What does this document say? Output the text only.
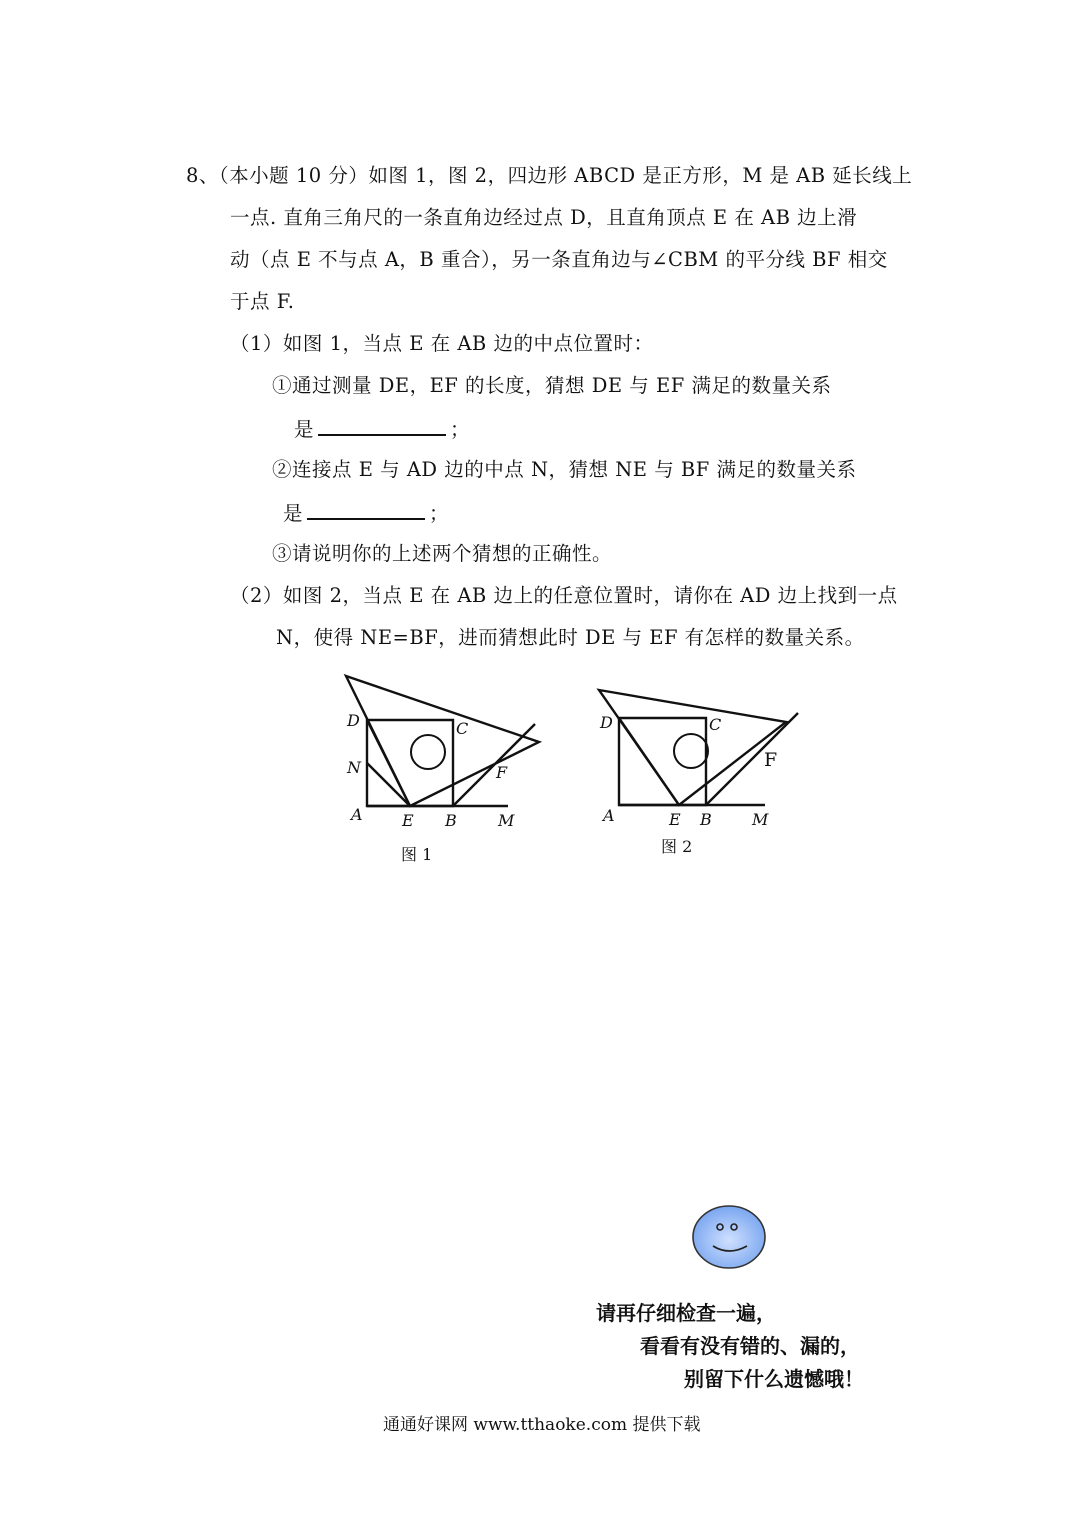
8、（本小题 10 分）如图 1，图 2，四边形 ABCD 是正方形，M 是 AB 延长线上
一点. 直角三角尺的一条直角边经过点 D，且直角顶点 E 在 AB 边上滑
动（点 E 不与点 A，B 重合），另一条直角边与∠CBM 的平分线 BF 相交
于点 F.
（1）如图 1，当点 E 在 AB 边的中点位置时：
①通过测量 DE，EF 的长度，猜想 DE 与 EF 满足的数量关系
是	；
②连接点 E 与 AD 边的中点 N，猜想 NE 与 BF 满足的数量关系
是	；
③请说明你的上述两个猜想的正确性。
（2）如图 2，当点 E 在 AB 边上的任意位置时，请你在 AD 边上找到一点
N，使得 NE=BF，进而猜想此时 DE 与 EF 有怎样的数量关系。
D	C
N	F
A E B	M
图 1
D	C
F
A	E B	M
图 2
请再仔细检查一遍，
看看有没有错的、漏的，
别留下什么遗憾哦！
通通好课网 www.tthaoke.com 提供下载
